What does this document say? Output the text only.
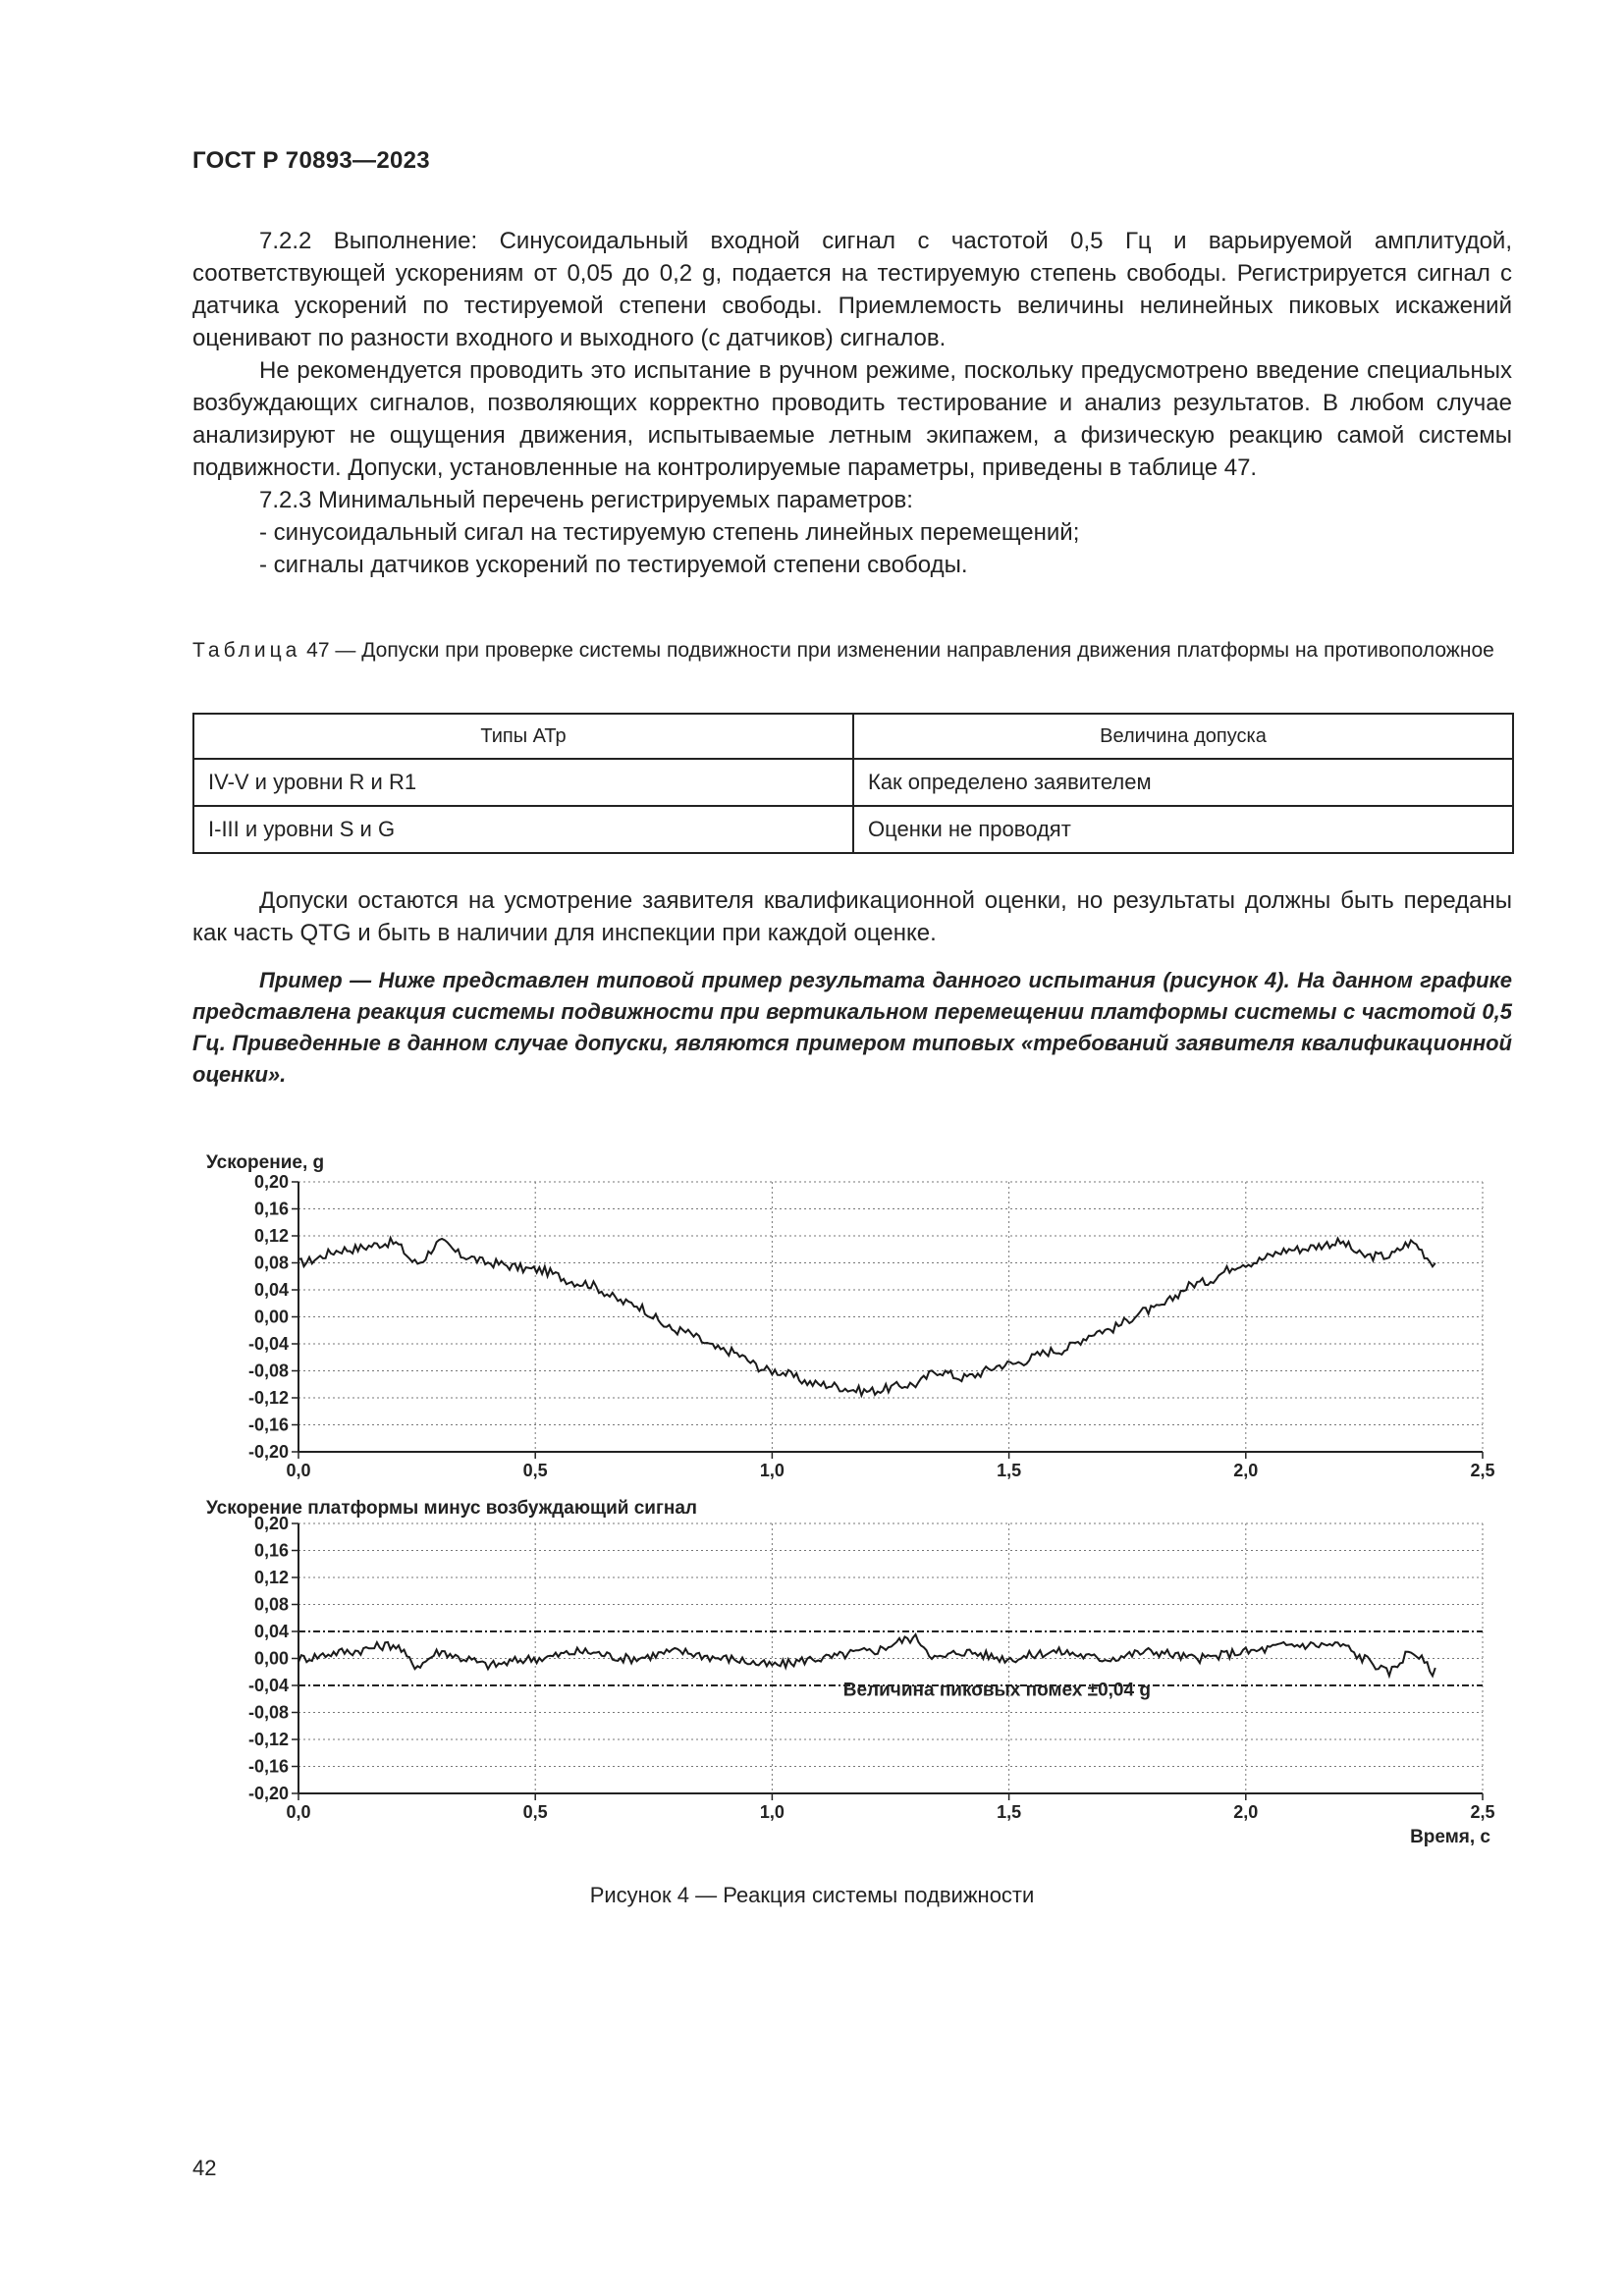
ГОСТ Р 70893—2023

7.2.2 Выполнение: Синусоидальный входной сигнал с частотой 0,5 Гц и варьируемой амплитудой, соответствующей ускорениям от 0,05 до 0,2 g, подается на тестируемую степень свободы. Регистрируется сигнал с датчика ускорений по тестируемой степени свободы. Приемлемость величины нелинейных пиковых искажений оценивают по разности входного и выходного (с датчиков) сигналов.

Не рекомендуется проводить это испытание в ручном режиме, поскольку предусмотрено введение специальных возбуждающих сигналов, позволяющих корректно проводить тестирование и анализ результатов. В любом случае анализируют не ощущения движения, испытываемые летным экипажем, а физическую реакцию самой системы подвижности. Допуски, установленные на контролируемые параметры, приведены в таблице 47.

7.2.3 Минимальный перечень регистрируемых параметров:

- синусоидальный сигал на тестируемую степень линейных перемещений;

- сигналы датчиков ускорений по тестируемой степени свободы.

Таблица 47 — Допуски при проверке системы подвижности при изменении направления движения платформы на противоположное
Типы АТр	Величина допуска
IV-V и уровни R и R1	Как определено заявителем
I-III и уровни S и G	Оценки не проводят

Допуски остаются на усмотрение заявителя квалификационной оценки, но результаты должны быть переданы как часть QTG и быть в наличии для инспекции при каждой оценке.

Пример — Ниже представлен типовой пример результата данного испытания (рисунок 4). На данном графике представлена реакция системы подвижности при вертикальном перемещении платформы системы с частотой 0,5 Гц. Приведенные в данном случае допуски, являются примером типовых «требований заявителя квалификационной оценки».
0,20
0,16
0,12
0,08
0,04
0,00
-0,04
-0,08
-0,12
-0,16
-0,20
0,0	0,5	1,0	1,5	2,0	2,5
Ускорение, g
0,20
0,16
0,12
0,08
0,04
0,00
-0,04
-0,08
-0,12
-0,16
-0,20
0,0	0,5	1,0	1,5	2,0	2,5
Ускорение платформы минус возбуждающий сигнал
Время, с
Величина пиковых помех ±0,04 g
Рисунок 4 — Реакция системы подвижности
42
